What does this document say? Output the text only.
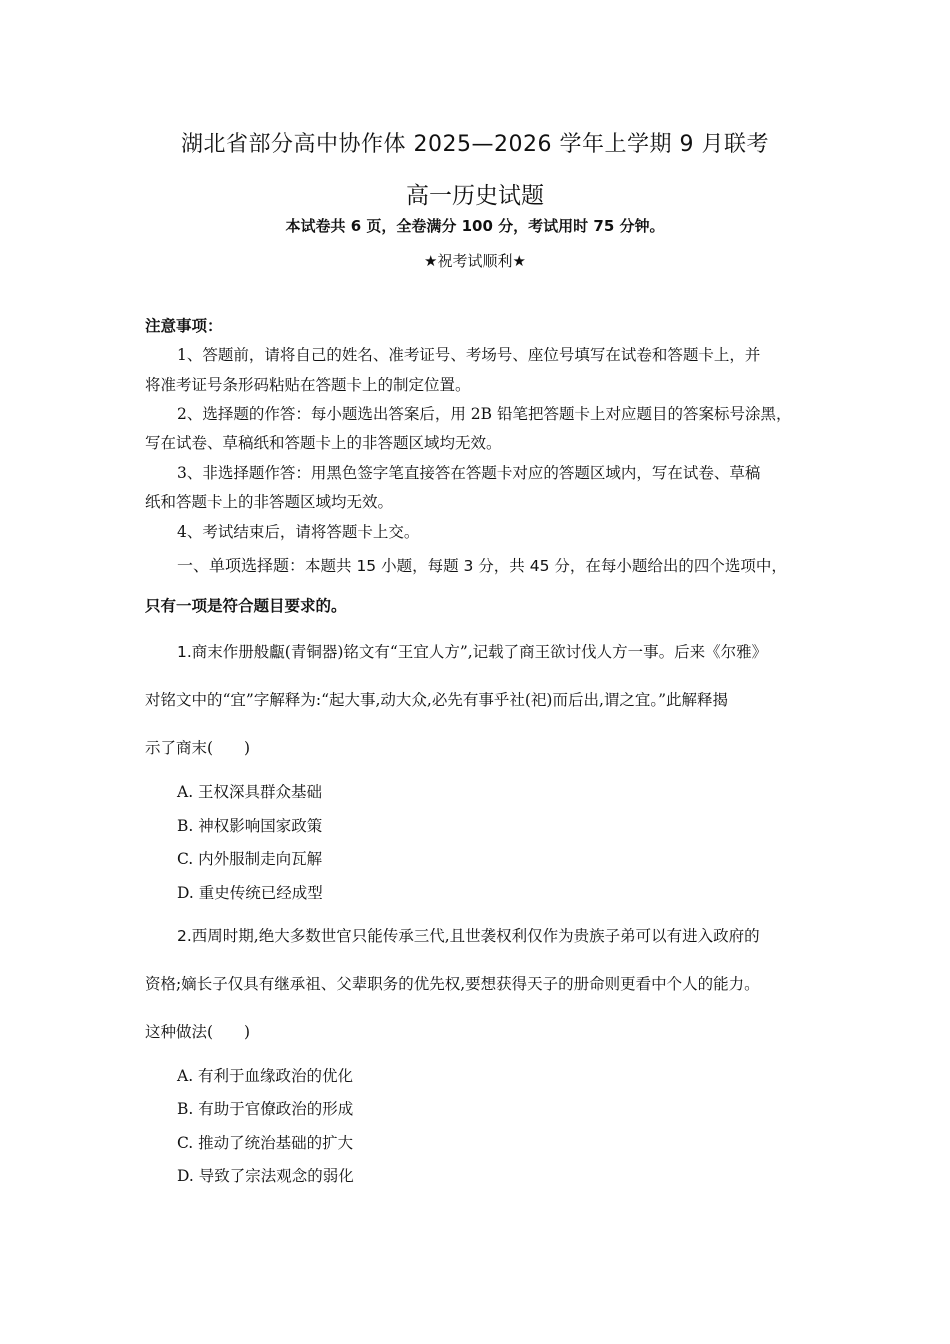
湖北省部分高中协作体 2025—2026 学年上学期 9 月联考
高一历史试题
本试卷共 6 页，全卷满分 100 分，考试用时 75 分钟。
★祝考试顺利★
注意事项：
1、答题前，请将自己的姓名、准考证号、考场号、座位号填写在试卷和答题卡上，并
将准考证号条形码粘贴在答题卡上的制定位置。
2、选择题的作答：每小题选出答案后，用 2B 铅笔把答题卡上对应题目的答案标号涂黑，
写在试卷、草稿纸和答题卡上的非答题区域均无效。
3、非选择题作答：用黑色签字笔直接答在答题卡对应的答题区域内，写在试卷、草稿
纸和答题卡上的非答题区域均无效。
4、考试结束后，请将答题卡上交。
一、单项选择题：本题共 15 小题，每题 3 分，共 45 分，在每小题给出的四个选项中，
只有一项是符合题目要求的。
1.商末作册般甗(青铜器)铭文有“王宜人方”,记载了商王欲讨伐人方一事。后来《尔雅》
对铭文中的“宜”字解释为:“起大事,动大众,必先有事乎社(祀)而后出,谓之宜。”此解释揭
示了商末(　　)
A. 王权深具群众基础
B. 神权影响国家政策
C. 内外服制走向瓦解
D. 重史传统已经成型
2.西周时期,绝大多数世官只能传承三代,且世袭权利仅作为贵族子弟可以有进入政府的
资格;嫡长子仅具有继承祖、父辈职务的优先权,要想获得天子的册命则更看中个人的能力。
这种做法(　　)
A. 有利于血缘政治的优化
B. 有助于官僚政治的形成
C. 推动了统治基础的扩大
D. 导致了宗法观念的弱化
